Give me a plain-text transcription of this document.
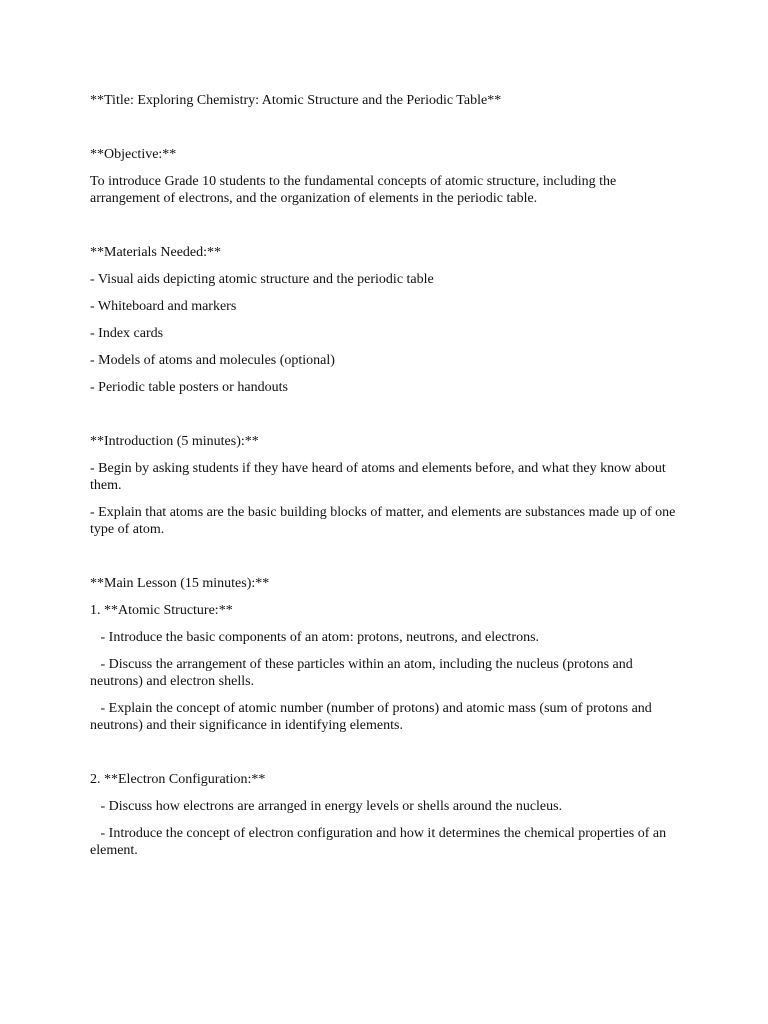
**Title: Exploring Chemistry: Atomic Structure and the Periodic Table**

**Objective:**

To introduce Grade 10 students to the fundamental concepts of atomic structure, including the arrangement of electrons, and the organization of elements in the periodic table.

**Materials Needed:**

- Visual aids depicting atomic structure and the periodic table

- Whiteboard and markers

- Index cards

- Models of atoms and molecules (optional)

- Periodic table posters or handouts

**Introduction (5 minutes):**

- Begin by asking students if they have heard of atoms and elements before, and what they know about them.

- Explain that atoms are the basic building blocks of matter, and elements are substances made up of one type of atom.

**Main Lesson (15 minutes):**

1. **Atomic Structure:**

- Introduce the basic components of an atom: protons, neutrons, and electrons.

- Discuss the arrangement of these particles within an atom, including the nucleus (protons and neutrons) and electron shells.

- Explain the concept of atomic number (number of protons) and atomic mass (sum of protons and neutrons) and their significance in identifying elements.

2. **Electron Configuration:**

- Discuss how electrons are arranged in energy levels or shells around the nucleus.

- Introduce the concept of electron configuration and how it determines the chemical properties of an element.
